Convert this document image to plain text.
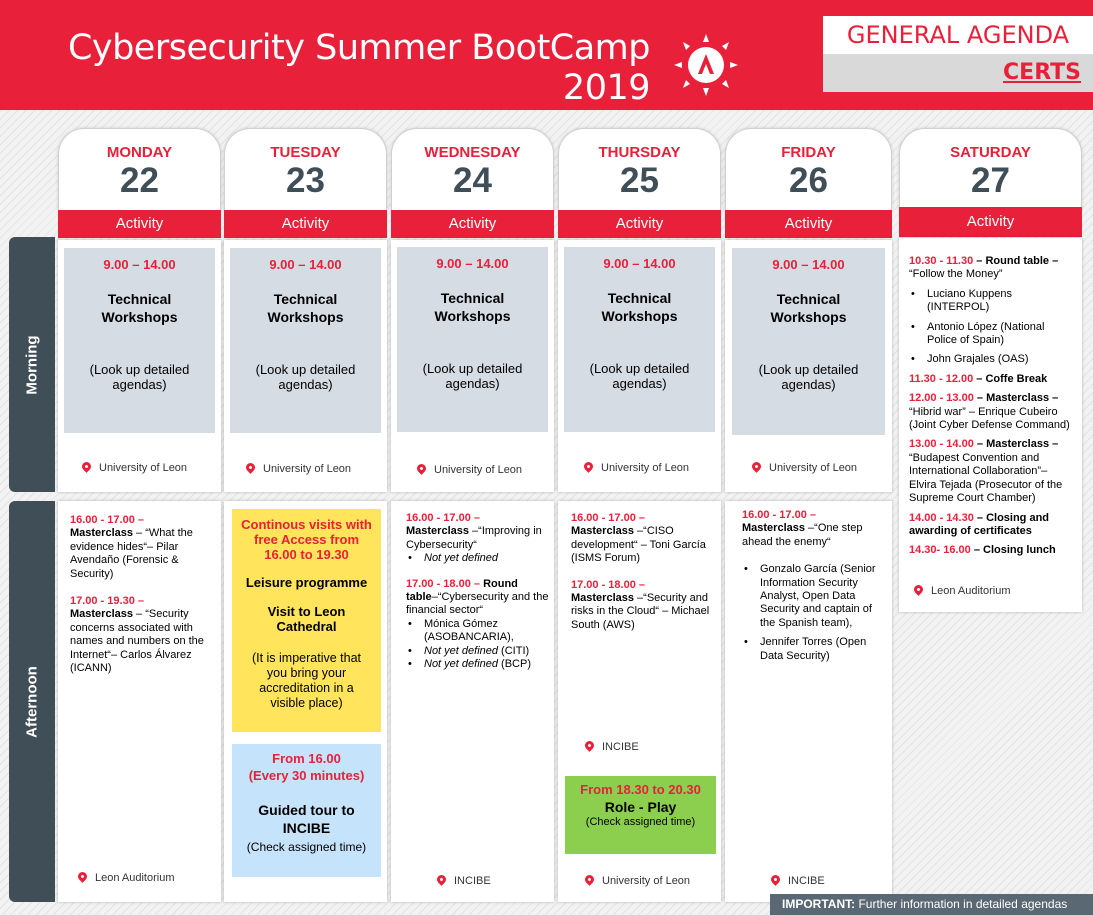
Cybersecurity Summer BootCamp
2019
GENERAL AGENDA
CERTS
Morning
Afternoon
MONDAY
22
Activity
9.00 – 14.00
Technical
Workshops
(Look up detailed
agendas)
University of Leon
TUESDAY
23
Activity
9.00 – 14.00
Technical
Workshops
(Look up detailed
agendas)
University of Leon
WEDNESDAY
24
Activity
9.00 – 14.00
Technical
Workshops
(Look up detailed
agendas)
University of Leon
THURSDAY
25
Activity
9.00 – 14.00
Technical
Workshops
(Look up detailed
agendas)
University of Leon
FRIDAY
26
Activity
9.00 – 14.00
Technical
Workshops
(Look up detailed
agendas)
University of Leon
SATURDAY
27
Activity
10.30 - 11.30 – Round table –
“Follow the Money”
• Luciano Kuppens (INTERPOL)
• Antonio López (National Police of Spain)
• John Grajales (OAS)
11.30 - 12.00 – Coffe Break
12.00 - 13.00 – Masterclass –
“Hibrid war” – Enrique Cubeiro (Joint Cyber Defense Command)
13.00 - 14.00 – Masterclass –
“Budapest Convention and International Collaboration”– Elvira Tejada (Prosecutor of the Supreme Court Chamber)
14.00 - 14.30 – Closing and awarding of certificates
14.30- 16.00 – Closing lunch
Leon Auditorium
16.00 - 17.00 –
Masterclass – “What the evidence hides“– Pilar Avendaño (Forensic & Security)
17.00 - 19.30 –
Masterclass – “Security concerns associated with names and numbers on the Internet“– Carlos Álvarez (ICANN)
Leon Auditorium
Continous visits with free Access from 16.00 to 19.30
Leisure programme
Visit to Leon Cathedral
(It is imperative that you bring your accreditation in a visible place)
From 16.00
(Every 30 minutes)
Guided tour to INCIBE
(Check assigned time)
16.00 - 17.00 –
Masterclass –“Improving in Cybersecurity“
• Not yet defined
17.00 - 18.00 – Round table–“Cybersecurity and the financial sector“
• Mónica Gómez (ASOBANCARIA),
• Not yet defined (CITI)
• Not yet defined (BCP)
INCIBE
16.00 - 17.00 –
Masterclass –“CISO development“ – Toni García (ISMS Forum)
17.00 - 18.00 –
Masterclass –“Security and risks in the Cloud“ – Michael South (AWS)
INCIBE
From 18.30 to 20.30
Role - Play
(Check assigned time)
University of Leon
16.00 - 17.00 –
Masterclass –“One step ahead the enemy“
• Gonzalo García (Senior Information Security Analyst, Open Data Security and captain of the Spanish team),
• Jennifer Torres (Open Data Security)
INCIBE
IMPORTANT: Further information in detailed agendas
